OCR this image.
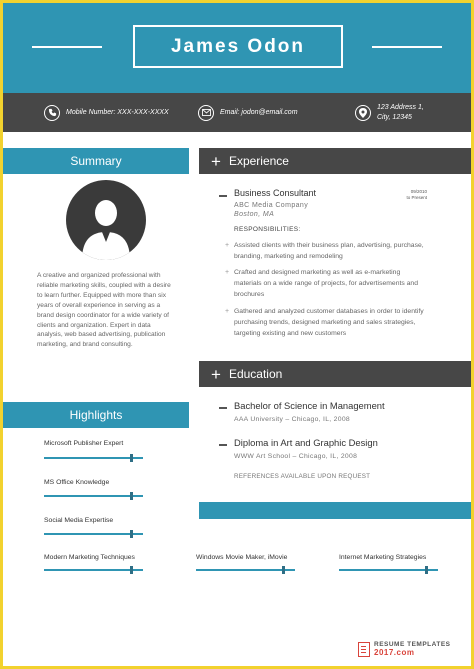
James Odon
Mobile Number: XXX-XXX-XXXX	Email: jodon@email.com
123 Address 1,
City, 12345
Summary
A creative and organized professional with reliable marketing skills, coupled with a desire to learn further. Equipped with more than six years of overall experience in serving as a brand design coordinator for a wide variety of clients and organization. Expert in data analysis, web based advertising, publication marketing, and brand consulting.
+ Experience
Business Consultant	09/2010
to Present
ABC Media Company
Boston, MA
RESPONSIBILITIES:
+ Assisted clients with their business plan, advertising, purchase, branding, marketing and remodeling
+ Crafted and designed marketing as well as e-marketing materials on a wide range of projects, for advertisements and brochures
+ Gathered and analyzed customer databases in order to identify purchasing trends, designed marketing and sales strategies, targeting existing and new customers
+ Education
Bachelor of Science in Management
AAA University – Chicago, IL, 2008
Diploma in Art and Graphic Design
WWW Art School – Chicago, IL, 2008
REFERENCES AVAILABLE UPON REQUEST
Highlights
Microsoft Publisher Expert
MS Office Knowledge
Social Media Expertise
Modern Marketing Techniques	Windows Movie Maker, iMovie	Internet Marketing Strategies
RESUME TEMPLATES
2017.com
